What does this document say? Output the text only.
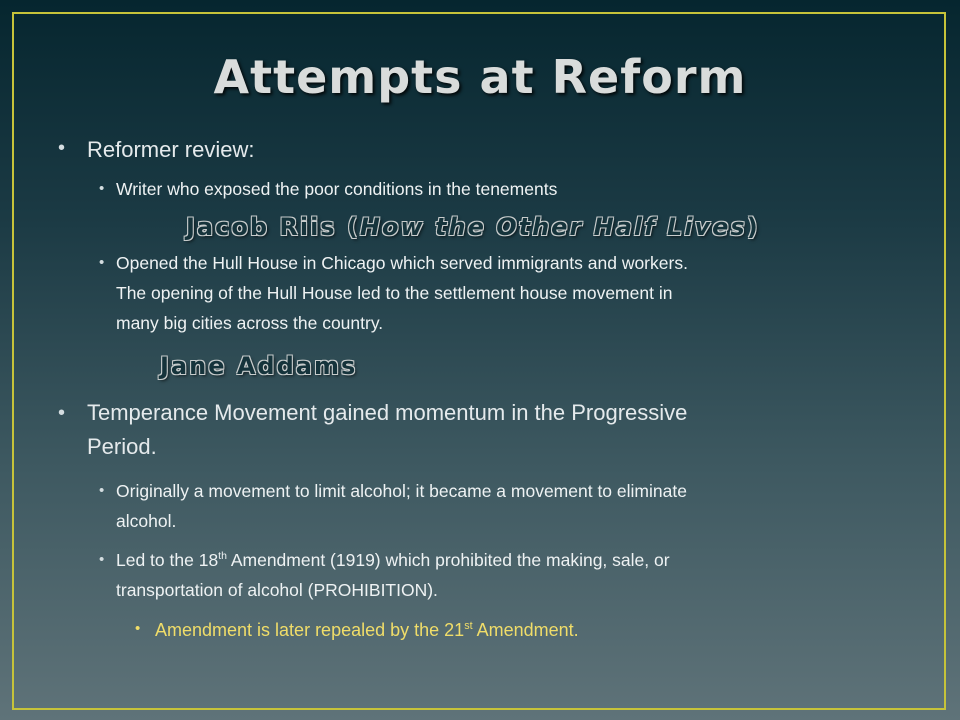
Attempts at Reform
• Reformer review:
• Writer who exposed the poor conditions in the tenements
Jacob Riis (How the Other Half Lives)
• Opened the Hull House in Chicago which served immigrants and workers.
The opening of the Hull House led to the settlement house movement in
many big cities across the country.
Jane Addams
• Temperance Movement gained momentum in the Progressive
Period.
• Originally a movement to limit alcohol; it became a movement to eliminate
alcohol.
• Led to the 18th Amendment (1919) which prohibited the making, sale, or
transportation of alcohol (PROHIBITION).
• Amendment is later repealed by the 21st Amendment.
